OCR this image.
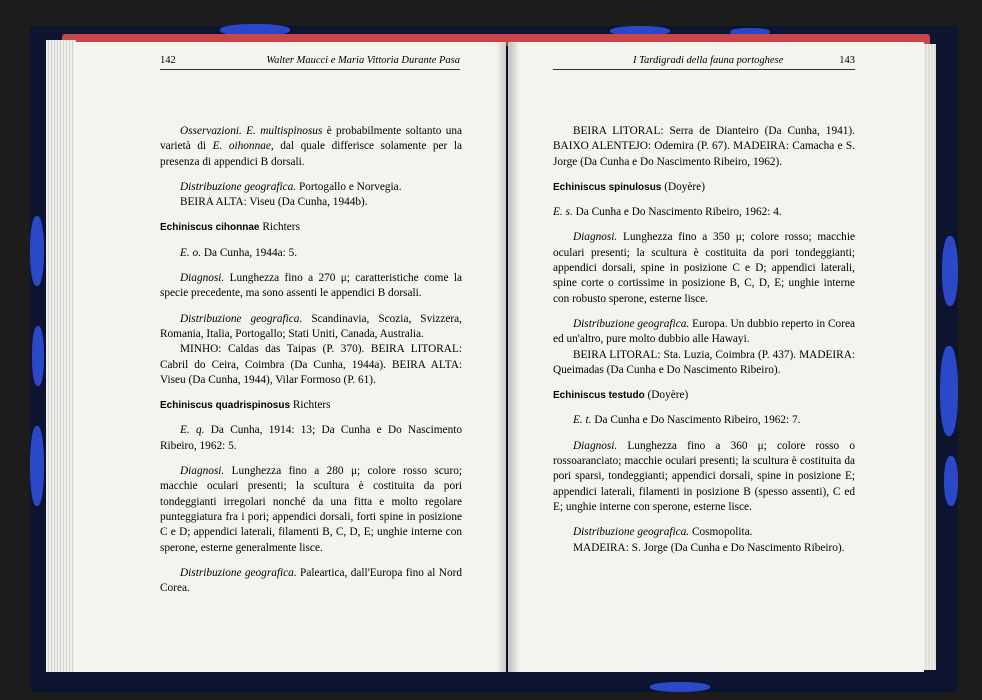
142	Walter Maucci e Maria Vittoria Durante Pasa

Osservazioni. E. multispinosus è probabilmente soltanto una varietà di E. oihonnae, dal quale differisce solamente per la presenza di appendici B dorsali.

Distribuzione geografica. Portogallo e Norvegia.

BEIRA ALTA: Viseu (Da Cunha, 1944b).

Echiniscus cihonnae Richters

E. o. Da Cunha, 1944a: 5.

Diagnosi. Lunghezza fino a 270 μ; caratteristiche come la specie precedente, ma sono assenti le appendici B dorsali.

Distribuzione geografica. Scandinavia, Scozia, Svizzera, Romania, Italia, Portogallo; Stati Uniti, Canada, Australia.

MINHO: Caldas das Taipas (P. 370). BEIRA LITORAL: Cabril do Ceira, Coimbra (Da Cunha, 1944a). BEIRA ALTA: Viseu (Da Cunha, 1944), Vilar Formoso (P. 61).

Echiniscus quadrispinosus Richters

E. q. Da Cunha, 1914: 13; Da Cunha e Do Nascimento Ribeiro, 1962: 5.

Diagnosi. Lunghezza fino a 280 μ; colore rosso scuro; macchie oculari presenti; la scultura è costituita da pori tondeggianti irregolari nonché da una fitta e molto regolare punteggiatura fra i pori; appendici dorsali, forti spine in posizione C e D; appendici laterali, filamenti B, C, D, E; unghie interne con sperone, esterne generalmente lisce.

Distribuzione geografica. Paleartica, dall'Europa fino al Nord Corea.

I Tardigradi della fauna portoghese	143

BEIRA LITORAL: Serra de Dianteiro (Da Cunha, 1941). BAIXO ALENTEJO: Odemira (P. 67). MADEIRA: Camacha e S. Jorge (Da Cunha e Do Nascimento Ribeiro, 1962).

Echiniscus spinulosus (Doyère)

E. s. Da Cunha e Do Nascimento Ribeiro, 1962: 4.

Diagnosi. Lunghezza fino a 350 μ; colore rosso; macchie oculari presenti; la scultura è costituita da pori tondeggianti; appendici dorsali, spine in posizione C e D; appendici laterali, spine corte o cortissime in posizione B, C, D, E; unghie interne con robusto sperone, esterne lisce.

Distribuzione geografica. Europa. Un dubbio reperto in Corea ed un'altro, pure molto dubbio alle Hawayi.

BEIRA LITORAL: Sta. Luzia, Coimbra (P. 437). MADEIRA: Queimadas (Da Cunha e Do Nascimento Ribeiro).

Echiniscus testudo (Doyère)

E. t. Da Cunha e Do Nascimento Ribeiro, 1962: 7.

Diagnosi. Lunghezza fino a 360 μ; colore rosso o rossoaranciato; macchie oculari presenti; la scultura è costituita da pori sparsi, tondeggianti; appendici dorsali, spine in posizione E; appendici laterali, filamenti in posizione B (spesso assenti), C ed E; unghie interne con sperone, esterne lisce.

Distribuzione geografica. Cosmopolita.

MADEIRA: S. Jorge (Da Cunha e Do Nascimento Ribeiro).
